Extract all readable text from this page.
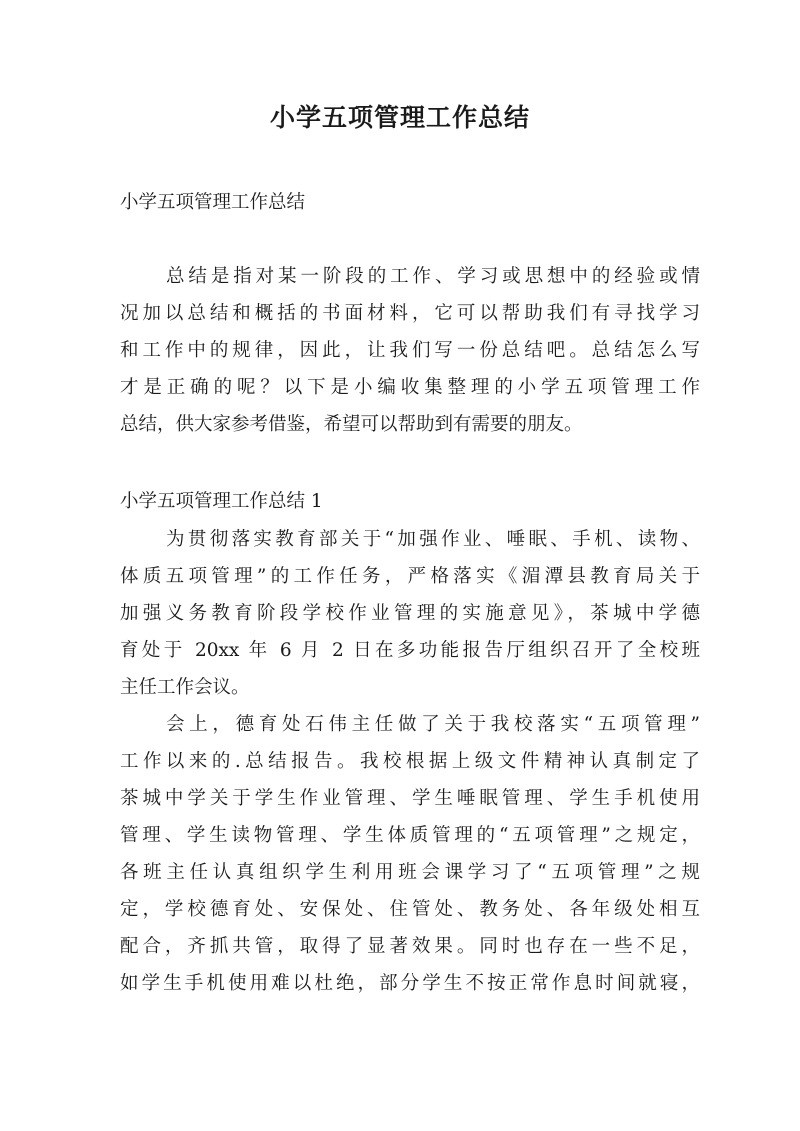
小学五项管理工作总结

小学五项管理工作总结

总结是指对某一阶段的工作、学习或思想中的经验或情

况加以总结和概括的书面材料，它可以帮助我们有寻找学习

和工作中的规律，因此，让我们写一份总结吧。总结怎么写

才是正确的呢？以下是小编收集整理的小学五项管理工作

总结，供大家参考借鉴，希望可以帮助到有需要的朋友。

小学五项管理工作总结 1

为贯彻落实教育部关于“加强作业、唾眠、手机、读物、

体质五项管理”的工作任务，严格落实《湄潭县教育局关于

加强义务教育阶段学校作业管理的实施意见》，茶城中学德

育处于 20xx 年 6 月 2 日在多功能报告厅组织召开了全校班

主任工作会议。

会上，德育处石伟主任做了关于我校落实“五项管理”

工作以来的.总结报告。我校根据上级文件精神认真制定了

茶城中学关于学生作业管理、学生唾眠管理、学生手机使用

管理、学生读物管理、学生体质管理的“五项管理”之规定，

各班主任认真组织学生利用班会课学习了“五项管理”之规

定，学校德育处、安保处、住管处、教务处、各年级处相互

配合，齐抓共管，取得了显著效果。同时也存在一些不足，

如学生手机使用难以杜绝，部分学生不按正常作息时间就寝，
